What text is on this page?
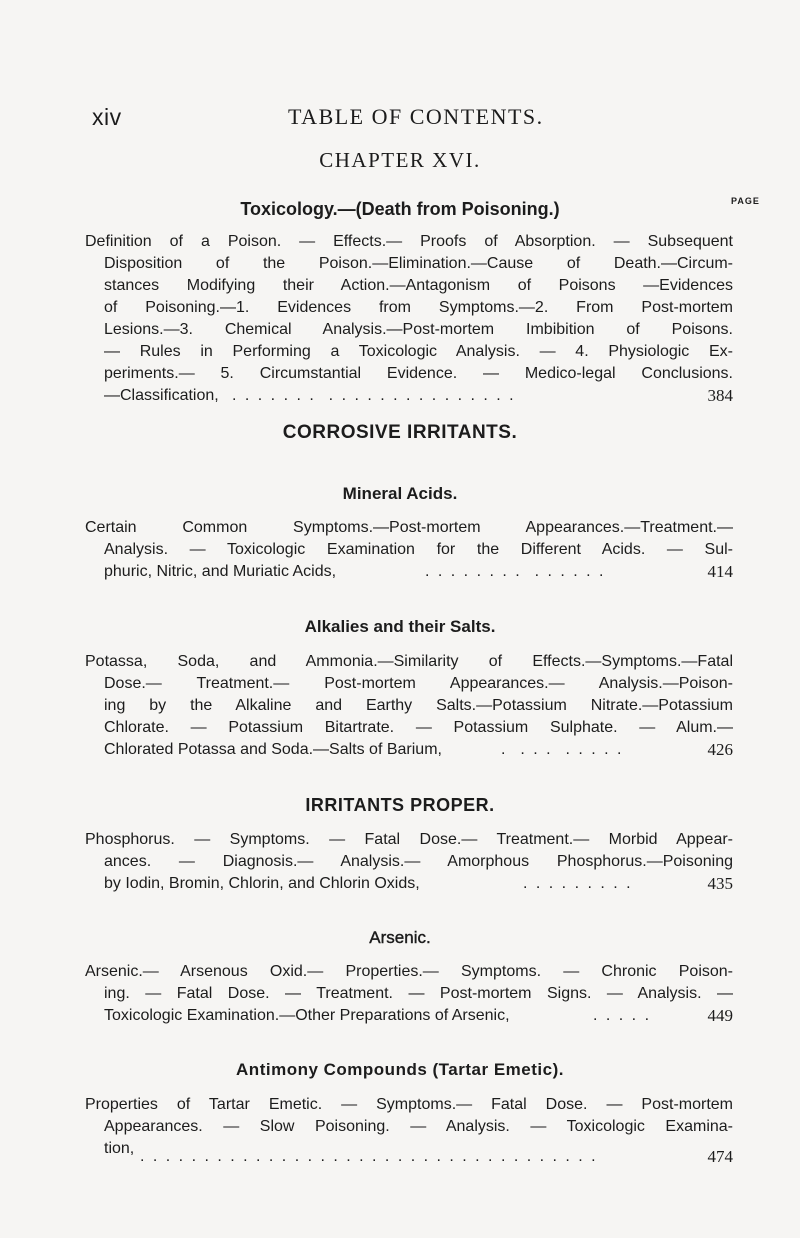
xiv	TABLE OF CONTENTS.
CHAPTER XVI.
Toxicology.—(Death from Poisoning.)	PAGE
Definition of a Poison. — Effects.— Proofs of Absorption. — Subsequent
Disposition of the Poison.—Elimination.—Cause of Death.—Circum-
stances Modifying their Action.—Antagonism of Poisons —Evidences
of Poisoning.—1. Evidences from Symptoms.—2. From Post-mortem
Lesions.—3. Chemical Analysis.—Post-mortem Imbibition of Poisons.
— Rules in Performing a Toxicologic Analysis. — 4. Physiologic Ex-
periments.— 5. Circumstantial Evidence. — Medico-legal Conclusions.
—Classification, . . . . . . .  . . . . . . . . . . . . . . .	384
CORROSIVE IRRITANTS.
Mineral Acids.
Certain Common Symptoms.—Post-mortem Appearances.—Treatment.—
Analysis. — Toxicologic Examination for the Different Acids. — Sul-
phuric, Nitric, and Muriatic Acids,	. . . . . . . .  . . . . . .	414
Alkalies and their Salts.
Potassa, Soda, and Ammonia.—Similarity of Effects.—Symptoms.—Fatal
Dose.— Treatment.— Post-mortem Appearances.— Analysis.—Poison-
ing by the Alkaline and Earthy Salts.—Potassium Nitrate.—Potassium
Chlorate. — Potassium Bitartrate. — Potassium Sulphate. — Alum.—
Chlorated Potassa and Soda.—Salts of Barium,	.  . . .  . . . . .	426
IRRITANTS PROPER.
Phosphorus. — Symptoms. — Fatal Dose.— Treatment.— Morbid Appear-
ances. — Diagnosis.— Analysis.— Amorphous Phosphorus.—Poisoning
by Iodin, Bromin, Chlorin, and Chlorin Oxids,	. . . . . . . . .	435
Arsenic.
Arsenic.— Arsenous Oxid.— Properties.— Symptoms. — Chronic Poison-
ing. — Fatal Dose. — Treatment. — Post-mortem Signs. — Analysis. —
Toxicologic Examination.—Other Preparations of Arsenic,	. . . . .	449
Antimony Compounds (Tartar Emetic).
Properties of Tartar Emetic. — Symptoms.— Fatal Dose. — Post-mortem
Appearances. — Slow Poisoning. — Analysis. — Toxicologic Examina-
tion, . . . . . . . . . . . . . . . . . . . . . . . . . . . . . . . . . . . .	474
